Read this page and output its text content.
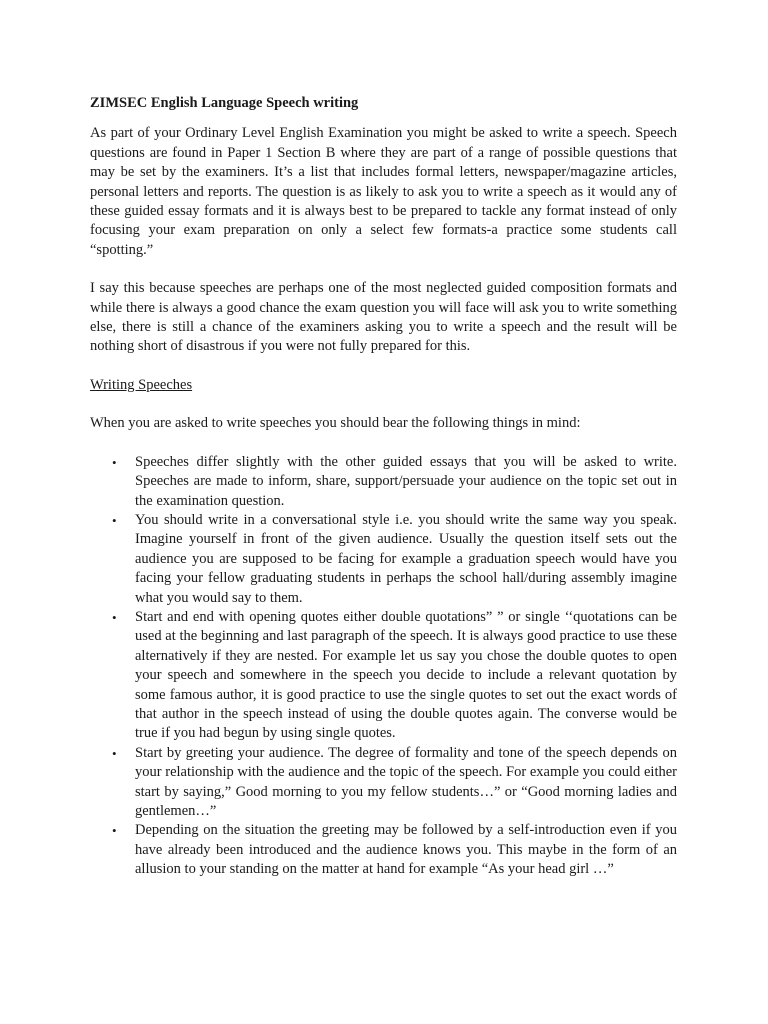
ZIMSEC English Language Speech writing

As part of your Ordinary Level English Examination you might be asked to write a speech. Speech questions are found in Paper 1 Section B where they are part of a range of possible questions that may be set by the examiners. It’s a list that includes formal letters, newspaper/magazine articles, personal letters and reports. The question is as likely to ask you to write a speech as it would any of these guided essay formats and it is always best to be prepared to tackle any format instead of only focusing your exam preparation on only a select few formats-a practice some students call “spotting.”

I say this because speeches are perhaps one of the most neglected guided composition formats and while there is always a good chance the exam question you will face will ask you to write something else, there is still a chance of the examiners asking you to write a speech and the result will be nothing short of disastrous if you were not fully prepared for this.

Writing Speeches

When you are asked to write speeches you should bear the following things in mind:

• Speeches differ slightly with the other guided essays that you will be asked to write. Speeches are made to inform, share, support/persuade your audience on the topic set out in the examination question.
• You should write in a conversational style i.e. you should write the same way you speak. Imagine yourself in front of the given audience. Usually the question itself sets out the audience you are supposed to be facing for example a graduation speech would have you facing your fellow graduating students in perhaps the school hall/during assembly imagine what you would say to them.
• Start and end with opening quotes either double quotations” ” or single ‘‘quotations can be used at the beginning and last paragraph of the speech. It is always good practice to use these alternatively if they are nested. For example let us say you chose the double quotes to open your speech and somewhere in the speech you decide to include a relevant quotation by some famous author, it is good practice to use the single quotes to set out the exact words of that author in the speech instead of using the double quotes again. The converse would be true if you had begun by using single quotes.
• Start by greeting your audience. The degree of formality and tone of the speech depends on your relationship with the audience and the topic of the speech. For example you could either start by saying,” Good morning to you my fellow students…” or “Good morning ladies and gentlemen…”
• Depending on the situation the greeting may be followed by a self-introduction even if you have already been introduced and the audience knows you. This maybe in the form of an allusion to your standing on the matter at hand for example “As your head girl …”
